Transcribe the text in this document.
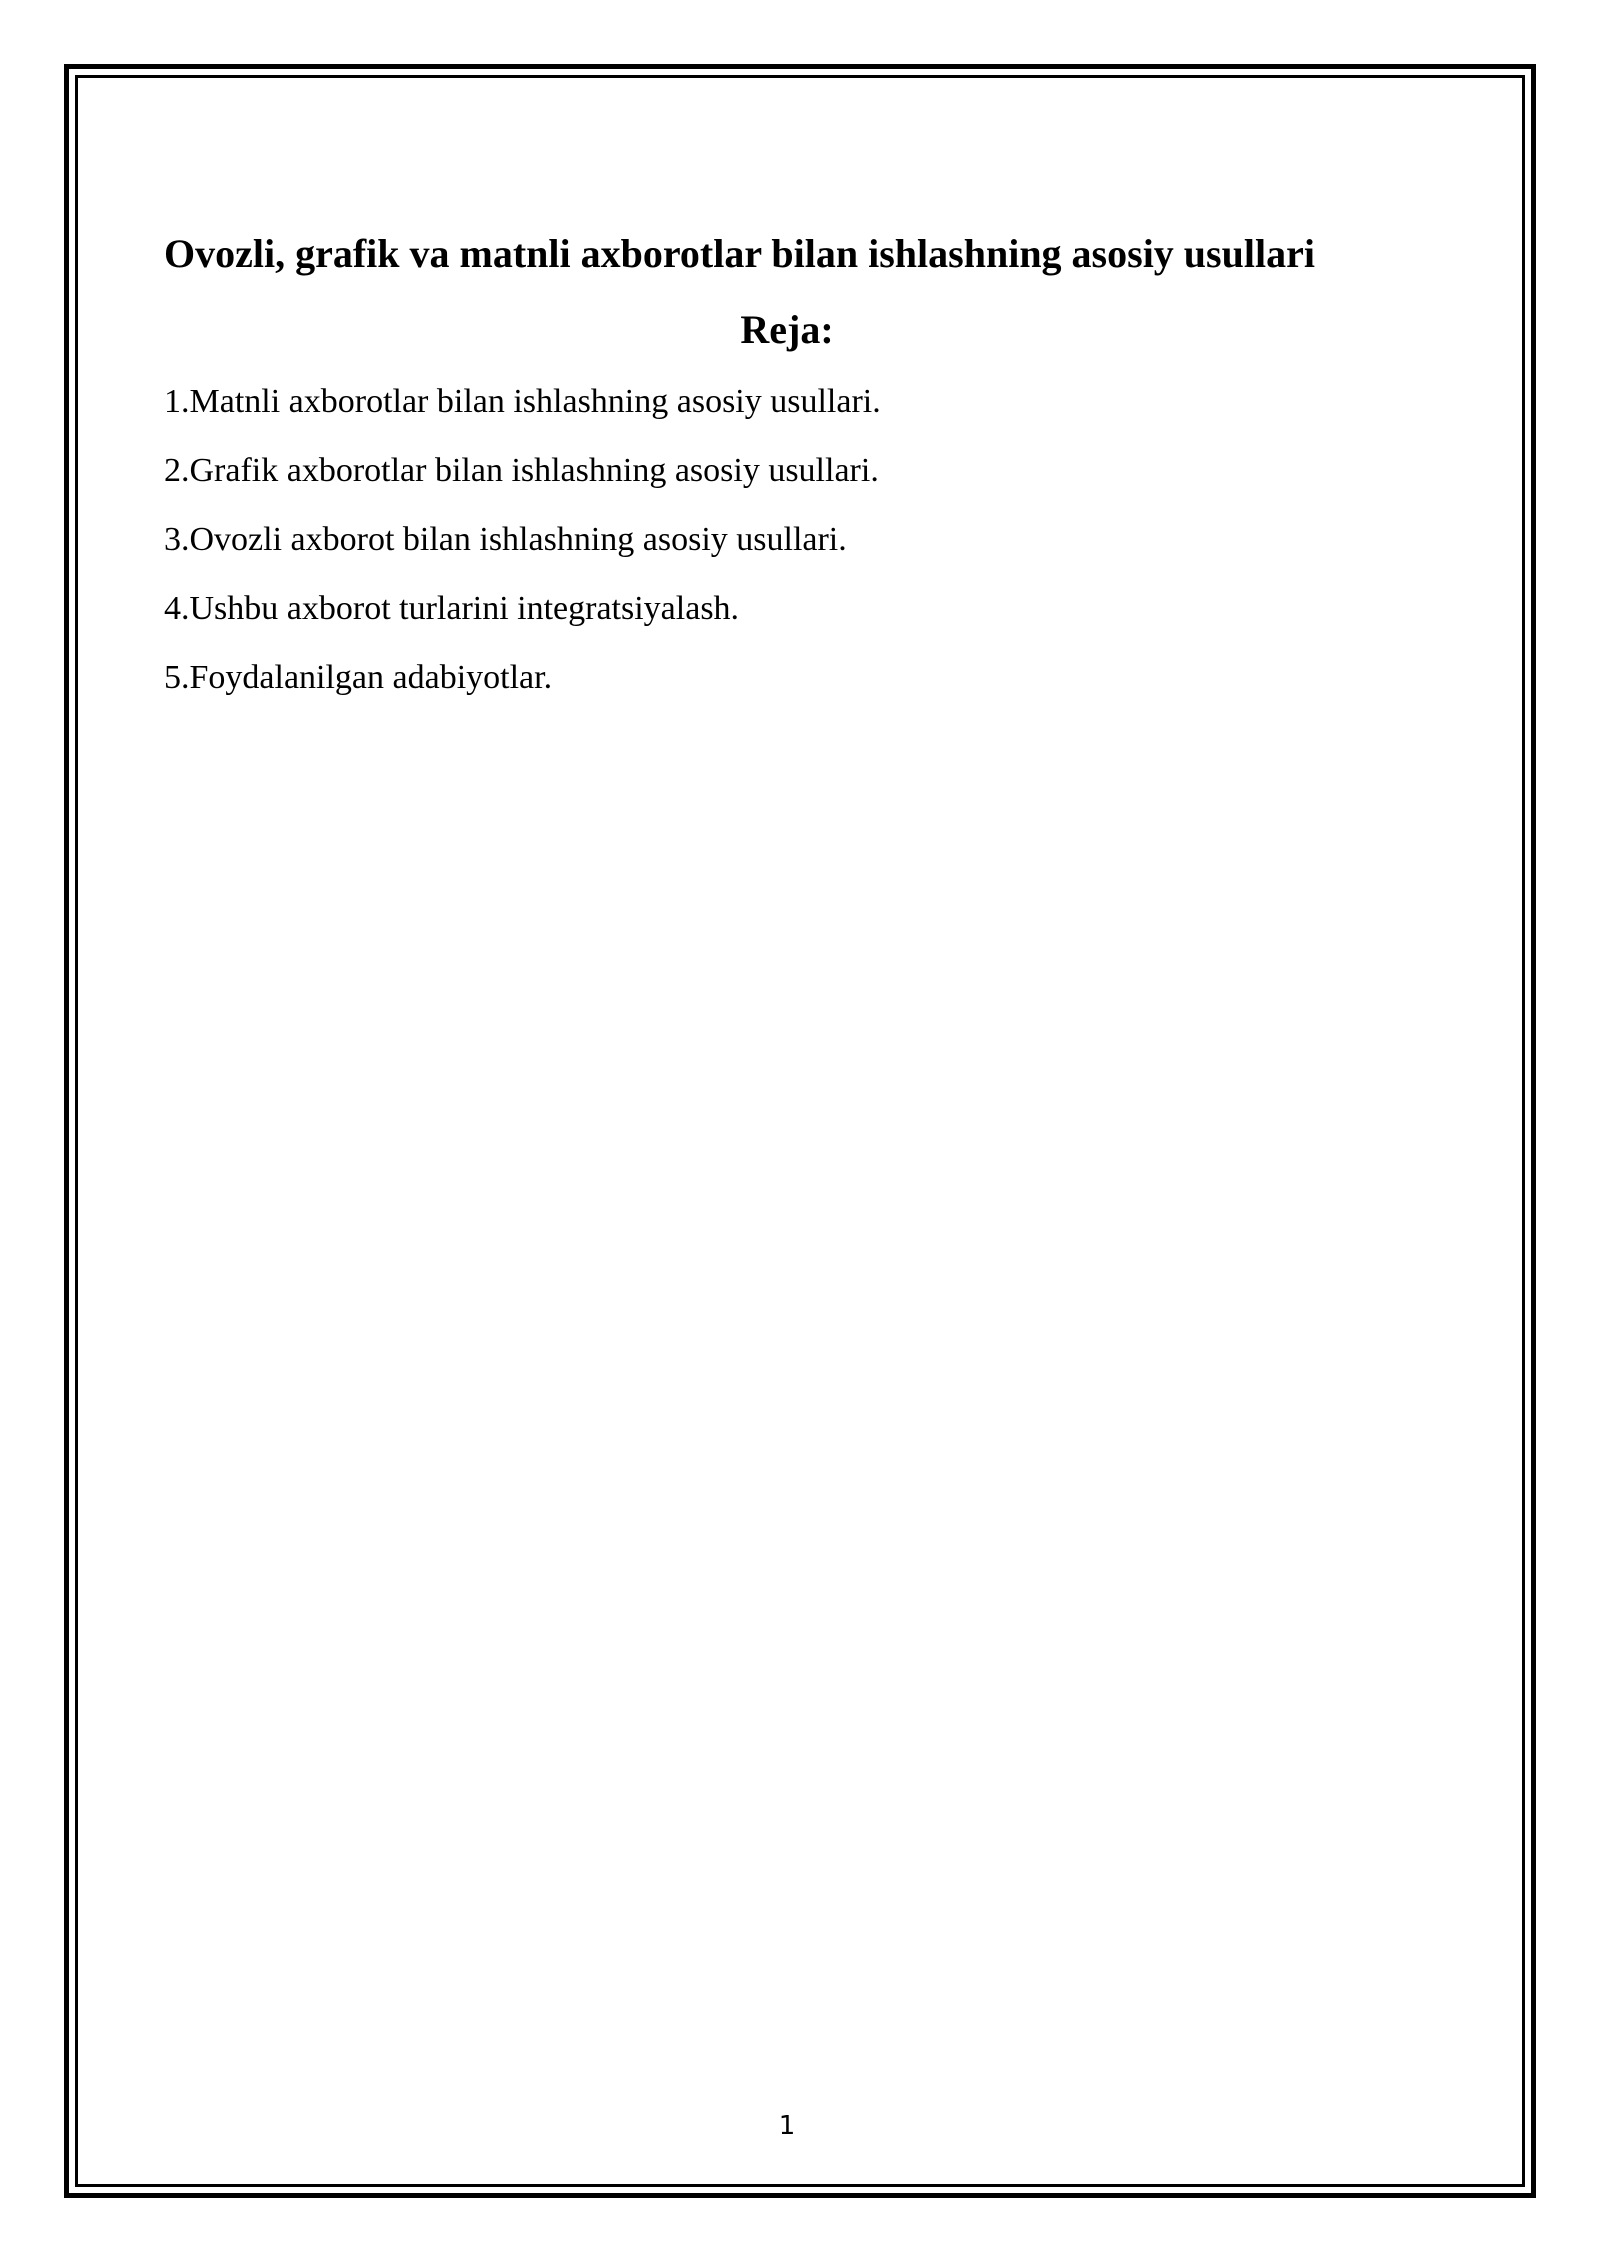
Ovozli, grafik va matnli axborotlar bilan ishlashning asosiy usullari
Reja:
1.Matnli axborotlar bilan ishlashning asosiy usullari.
2.Grafik axborotlar bilan ishlashning asosiy usullari.
3.Ovozli axborot bilan ishlashning asosiy usullari.
4.Ushbu axborot turlarini integratsiyalash.
5.Foydalanilgan adabiyotlar.
1
